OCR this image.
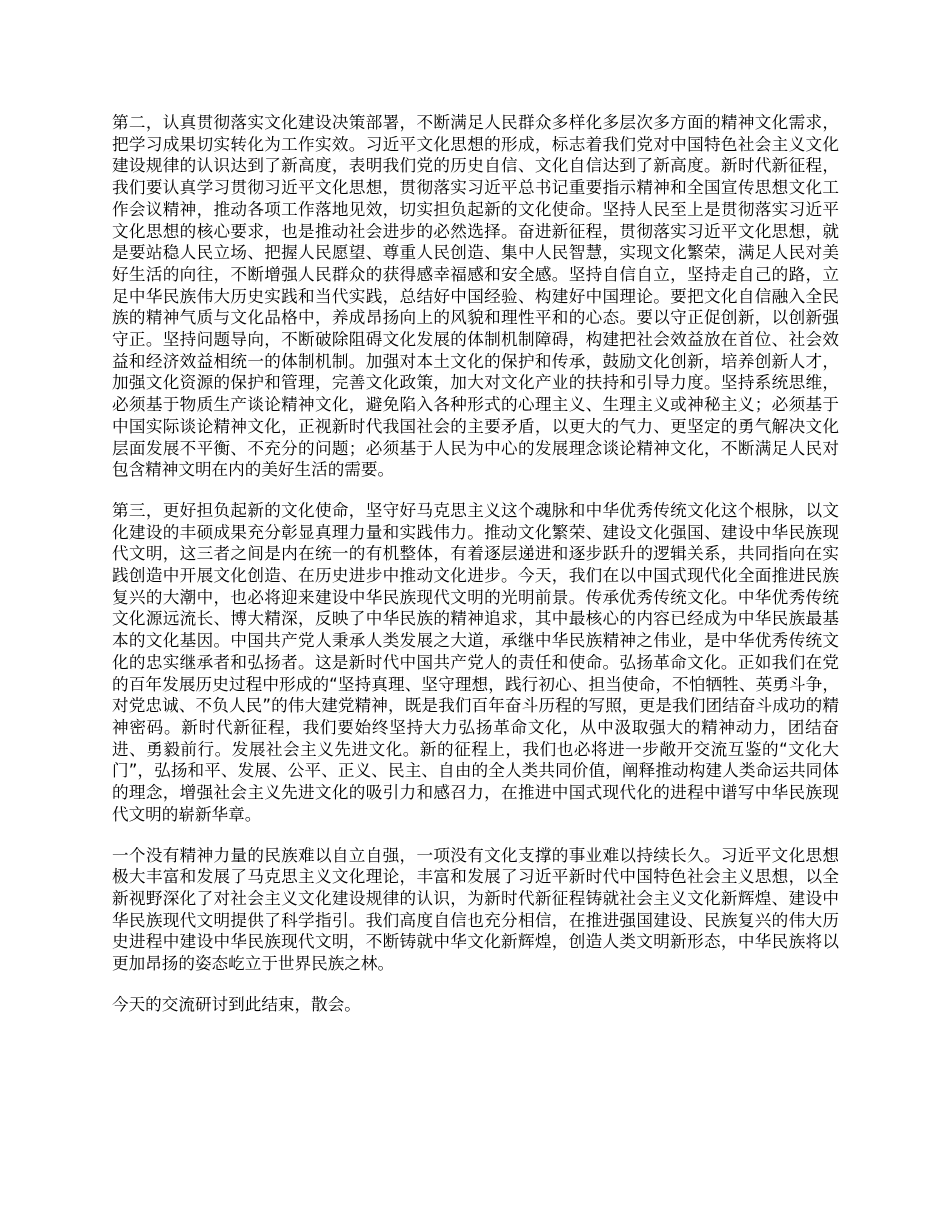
第二，认真贯彻落实文化建设决策部署，不断满足人民群众多样化多层次多方面的精神文化需求，把学习成果切实转化为工作实效。习近平文化思想的形成，标志着我们党对中国特色社会主义文化建设规律的认识达到了新高度，表明我们党的历史自信、文化自信达到了新高度。新时代新征程，我们要认真学习贯彻习近平文化思想，贯彻落实习近平总书记重要指示精神和全国宣传思想文化工作会议精神，推动各项工作落地见效，切实担负起新的文化使命。坚持人民至上是贯彻落实习近平文化思想的核心要求，也是推动社会进步的必然选择。奋进新征程，贯彻落实习近平文化思想，就是要站稳人民立场、把握人民愿望、尊重人民创造、集中人民智慧，实现文化繁荣，满足人民对美好生活的向往，不断增强人民群众的获得感幸福感和安全感。坚持自信自立，坚持走自己的路，立足中华民族伟大历史实践和当代实践，总结好中国经验、构建好中国理论。要把文化自信融入全民族的精神气质与文化品格中，养成昂扬向上的风貌和理性平和的心态。要以守正促创新，以创新强守正。坚持问题导向，不断破除阻碍文化发展的体制机制障碍，构建把社会效益放在首位、社会效益和经济效益相统一的体制机制。加强对本土文化的保护和传承，鼓励文化创新，培养创新人才，加强文化资源的保护和管理，完善文化政策，加大对文化产业的扶持和引导力度。坚持系统思维，必须基于物质生产谈论精神文化，避免陷入各种形式的心理主义、生理主义或神秘主义；必须基于中国实际谈论精神文化，正视新时代我国社会的主要矛盾，以更大的气力、更坚定的勇气解决文化层面发展不平衡、不充分的问题；必须基于人民为中心的发展理念谈论精神文化，不断满足人民对包含精神文明在内的美好生活的需要。

第三，更好担负起新的文化使命，坚守好马克思主义这个魂脉和中华优秀传统文化这个根脉，以文化建设的丰硕成果充分彰显真理力量和实践伟力。推动文化繁荣、建设文化强国、建设中华民族现代文明，这三者之间是内在统一的有机整体，有着逐层递进和逐步跃升的逻辑关系，共同指向在实践创造中开展文化创造、在历史进步中推动文化进步。今天，我们在以中国式现代化全面推进民族复兴的大潮中，也必将迎来建设中华民族现代文明的光明前景。传承优秀传统文化。中华优秀传统文化源远流长、博大精深，反映了中华民族的精神追求，其中最核心的内容已经成为中华民族最基本的文化基因。中国共产党人秉承人类发展之大道，承继中华民族精神之伟业，是中华优秀传统文化的忠实继承者和弘扬者。这是新时代中国共产党人的责任和使命。弘扬革命文化。正如我们在党的百年发展历史过程中形成的“坚持真理、坚守理想，践行初心、担当使命，不怕牺牲、英勇斗争，对党忠诚、不负人民”的伟大建党精神，既是我们百年奋斗历程的写照，更是我们团结奋斗成功的精神密码。新时代新征程，我们要始终坚持大力弘扬革命文化，从中汲取强大的精神动力，团结奋进、勇毅前行。发展社会主义先进文化。新的征程上，我们也必将进一步敞开交流互鉴的“文化大门”，弘扬和平、发展、公平、正义、民主、自由的全人类共同价值，阐释推动构建人类命运共同体的理念，增强社会主义先进文化的吸引力和感召力，在推进中国式现代化的进程中谱写中华民族现代文明的崭新华章。

一个没有精神力量的民族难以自立自强，一项没有文化支撑的事业难以持续长久。习近平文化思想极大丰富和发展了马克思主义文化理论，丰富和发展了习近平新时代中国特色社会主义思想，以全新视野深化了对社会主义文化建设规律的认识，为新时代新征程铸就社会主义文化新辉煌、建设中华民族现代文明提供了科学指引。我们高度自信也充分相信，在推进强国建设、民族复兴的伟大历史进程中建设中华民族现代文明，不断铸就中华文化新辉煌，创造人类文明新形态，中华民族将以更加昂扬的姿态屹立于世界民族之林。

今天的交流研讨到此结束，散会。
